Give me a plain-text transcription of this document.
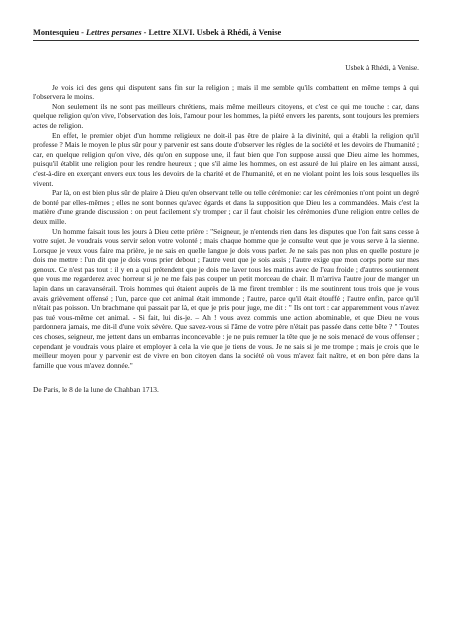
Montesquieu - Lettres persanes - Lettre XLVI. Usbek à Rhédi, à Venise
Usbek à Rhédi, à Venise.

Je vois ici des gens qui disputent sans fin sur la religion ; mais il me semble qu'ils combattent en même temps à qui l'observera le moins.

Non seulement ils ne sont pas meilleurs chrétiens, mais même meilleurs citoyens, et c'est ce qui me touche : car, dans quelque religion qu'on vive, l'observation des lois, l'amour pour les hommes, la piété envers les parents, sont toujours les premiers actes de religion.

En effet, le premier objet d'un homme religieux ne doit-il pas être de plaire à la divinité, qui a établi la religion qu'il professe ? Mais le moyen le plus sûr pour y parvenir est sans doute d'observer les règles de la société et les devoirs de l'humanité ; car, en quelque religion qu'on vive, dès qu'on en suppose une, il faut bien que l'on suppose aussi que Dieu aime les hommes, puisqu'il établit une religion pour les rendre heureux ; que s'il aime les hommes, on est assuré de lui plaire en les aimant aussi, c'est-à-dire en exerçant envers eux tous les devoirs de la charité et de l'humanité, et en ne violant point les lois sous lesquelles ils vivent.

Par là, on est bien plus sûr de plaire à Dieu qu'en observant telle ou telle cérémonie: car les cérémonies n'ont point un degré de bonté par elles-mêmes ; elles ne sont bonnes qu'avec égards et dans la supposition que Dieu les a commandées. Mais c'est la matière d'une grande discussion : on peut facilement s'y tromper ; car il faut choisir les cérémonies d'une religion entre celles de deux mille.

Un homme faisait tous les jours à Dieu cette prière : "Seigneur, je n'entends rien dans les disputes que l'on fait sans cesse à votre sujet. Je voudrais vous servir selon votre volonté ; mais chaque homme que je consulte veut que je vous serve à la sienne. Lorsque je veux vous faire ma prière, je ne sais en quelle langue je dois vous parler. Je ne sais pas non plus en quelle posture je dois me mettre : l'un dit que je dois vous prier debout ; l'autre veut que je sois assis ; l'autre exige que mon corps porte sur mes genoux. Ce n'est pas tout : il y en a qui prétendent que je dois me laver tous les matins avec de l'eau froide ; d'autres soutiennent que vous me regarderez avec horreur si je ne me fais pas couper un petit morceau de chair. Il m'arriva l'autre jour de manger un lapin dans un caravansérail. Trois hommes qui étaient auprès de là me firent trembler : ils me soutinrent tous trois que je vous avais grièvement offensé ; l'un, parce que cet animal était immonde ; l'autre, parce qu'il était étouffé ; l'autre enfin, parce qu'il n'était pas poisson. Un brachmane qui passait par là, et que je pris pour juge, me dit : " Ils ont tort : car apparemment vous n'avez pas tué vous-même cet animal. - Si fait, lui dis-je. – Ah ! vous avez commis une action abominable, et que Dieu ne vous pardonnera jamais, me dit-il d'une voix sévère. Que savez-vous si l'âme de votre père n'était pas passée dans cette bête ? " Toutes ces choses, seigneur, me jettent dans un embarras inconcevable : je ne puis remuer la tête que je ne sois menacé de vous offenser ; cependant je voudrais vous plaire et employer à cela la vie que je tiens de vous. Je ne sais si je me trompe ; mais je crois que le meilleur moyen pour y parvenir est de vivre en bon citoyen dans la société où vous m'avez fait naître, et en bon père dans la famille que vous m'avez donnée."

De Paris, le 8 de la lune de Chahban 1713.
